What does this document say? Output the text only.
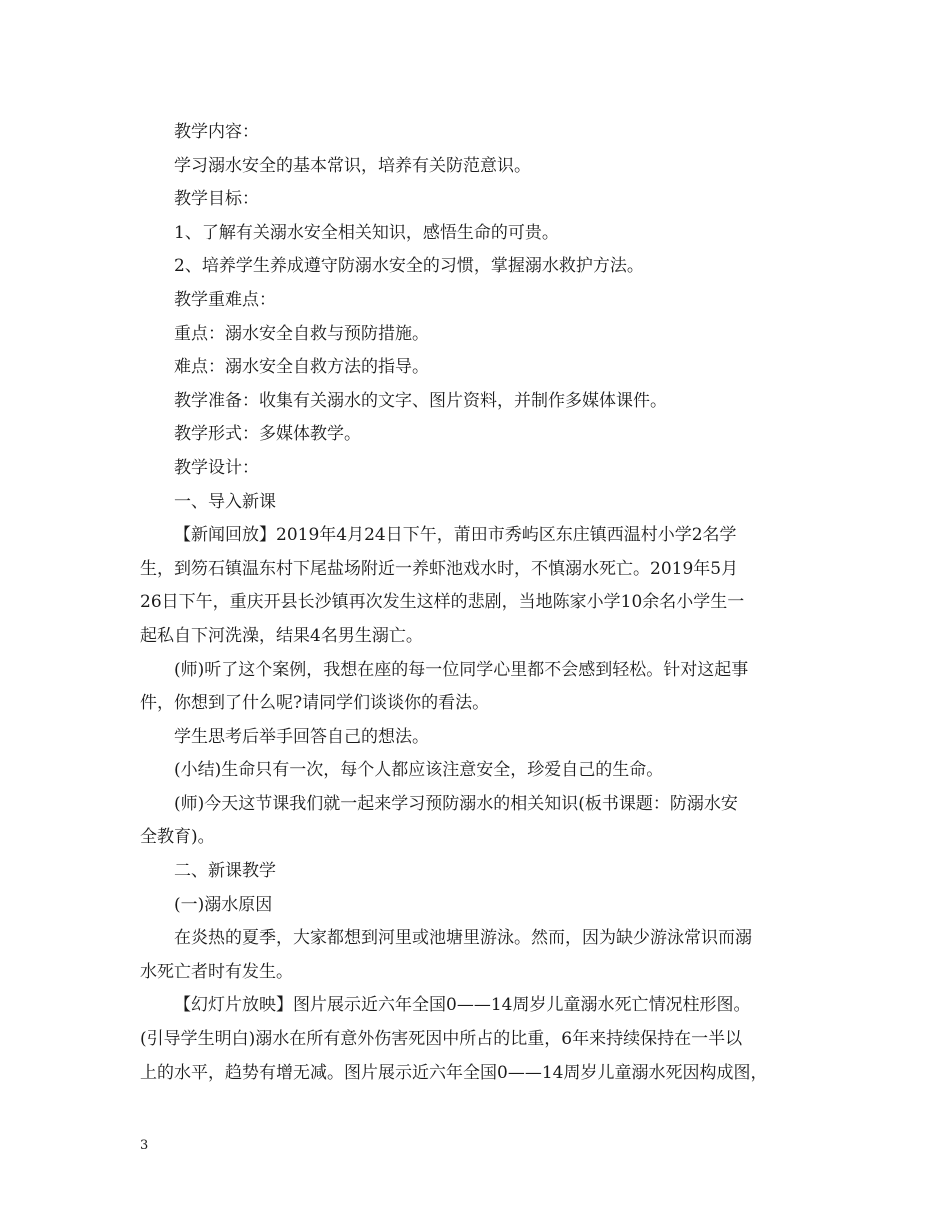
教学内容：

学习溺水安全的基本常识，培养有关防范意识。

教学目标：

1、了解有关溺水安全相关知识，感悟生命的可贵。

2、培养学生养成遵守防溺水安全的习惯，掌握溺水救护方法。

教学重难点：

重点：溺水安全自救与预防措施。

难点：溺水安全自救方法的指导。

教学准备：收集有关溺水的文字、图片资料，并制作多媒体课件。

教学形式：多媒体教学。

教学设计：

一、导入新课

【新闻回放】2019年4月24日下午，莆田市秀屿区东庄镇西温村小学2名学

生，到笏石镇温东村下尾盐场附近一养虾池戏水时，不慎溺水死亡。2019年5月

26日下午，重庆开县长沙镇再次发生这样的悲剧，当地陈家小学10余名小学生一

起私自下河洗澡，结果4名男生溺亡。

(师)听了这个案例，我想在座的每一位同学心里都不会感到轻松。针对这起事

件，你想到了什么呢?请同学们谈谈你的看法。

学生思考后举手回答自己的想法。

(小结)生命只有一次，每个人都应该注意安全，珍爱自己的生命。

(师)今天这节课我们就一起来学习预防溺水的相关知识(板书课题：防溺水安

全教育)。

二、新课教学

(一)溺水原因

在炎热的夏季，大家都想到河里或池塘里游泳。然而，因为缺少游泳常识而溺

水死亡者时有发生。

【幻灯片放映】图片展示近六年全国0——14周岁儿童溺水死亡情况柱形图。

(引导学生明白)溺水在所有意外伤害死因中所占的比重，6年来持续保持在一半以

上的水平，趋势有增无减。图片展示近六年全国0——14周岁儿童溺水死因构成图，

3
